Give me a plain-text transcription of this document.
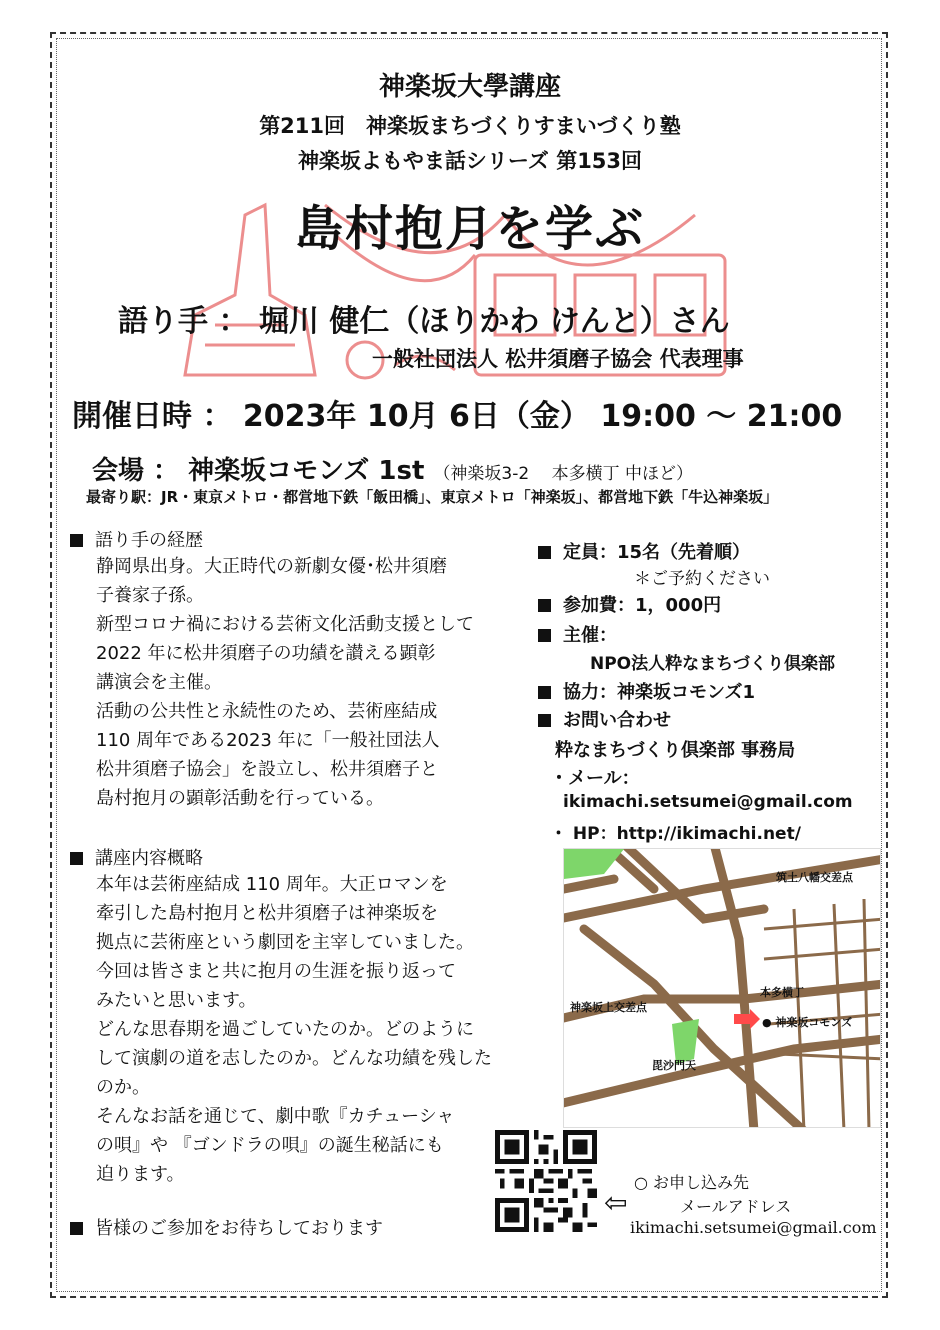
神楽坂大學講座
第211回　神楽坂まちづくりすまいづくり塾
神楽坂よもやま話シリーズ 第153回
島村抱月を学ぶ
語り手 ： 堀川 健仁（ほりかわ けんと）さん
一般社団法人 松井須磨子協会 代表理事
開催日時 ： 2023年 10月 6日（金） 19:00 ～ 21:00
会場 ： 神楽坂コモンズ 1st （神楽坂3-2　 本多横丁 中ほど）
最寄り駅：JR・東京メトロ・都営地下鉄「飯田橋」、東京メトロ「神楽坂」、都営地下鉄「牛込神楽坂」
語り手の経歴
静岡県出身。大正時代の新劇女優･松井須磨
子養家子孫。
新型コロナ禍における芸術文化活動支援として
2022 年に松井須磨子の功績を讃える顕彰
講演会を主催。
活動の公共性と永続性のため、芸術座結成
110 周年である2023 年に「一般社団法人
松井須磨子協会」を設立し、松井須磨子と
島村抱月の顕彰活動を行っている。
講座内容概略
本年は芸術座結成 110 周年。大正ロマンを
牽引した島村抱月と松井須磨子は神楽坂を
拠点に芸術座という劇団を主宰していました。
今回は皆さまと共に抱月の生涯を振り返って
みたいと思います。
どんな思春期を過ごしていたのか。どのように
して演劇の道を志したのか。どんな功績を残した
のか。
そんなお話を通じて、劇中歌『カチューシャ
の唄』や 『ゴンドラの唄』の誕生秘話にも
迫ります。
皆様のご参加をお待ちしております
定員：15名（先着順）
＊ご予約ください
参加費：1，000円
主催：
NPO法人粋なまちづくり倶楽部
協力：神楽坂コモンズ1
お問い合わせ
粋なまちづくり倶楽部 事務局
・メール：
ikimachi.setsumei@gmail.com
・ HP：http://ikimachi.net/
筑土八幡交差点
本多横丁
神楽坂上交差点
● 神楽坂コモンズ
毘沙門天
⇦
○ お申し込み先
メールアドレス
ikimachi.setsumei@gmail.com
